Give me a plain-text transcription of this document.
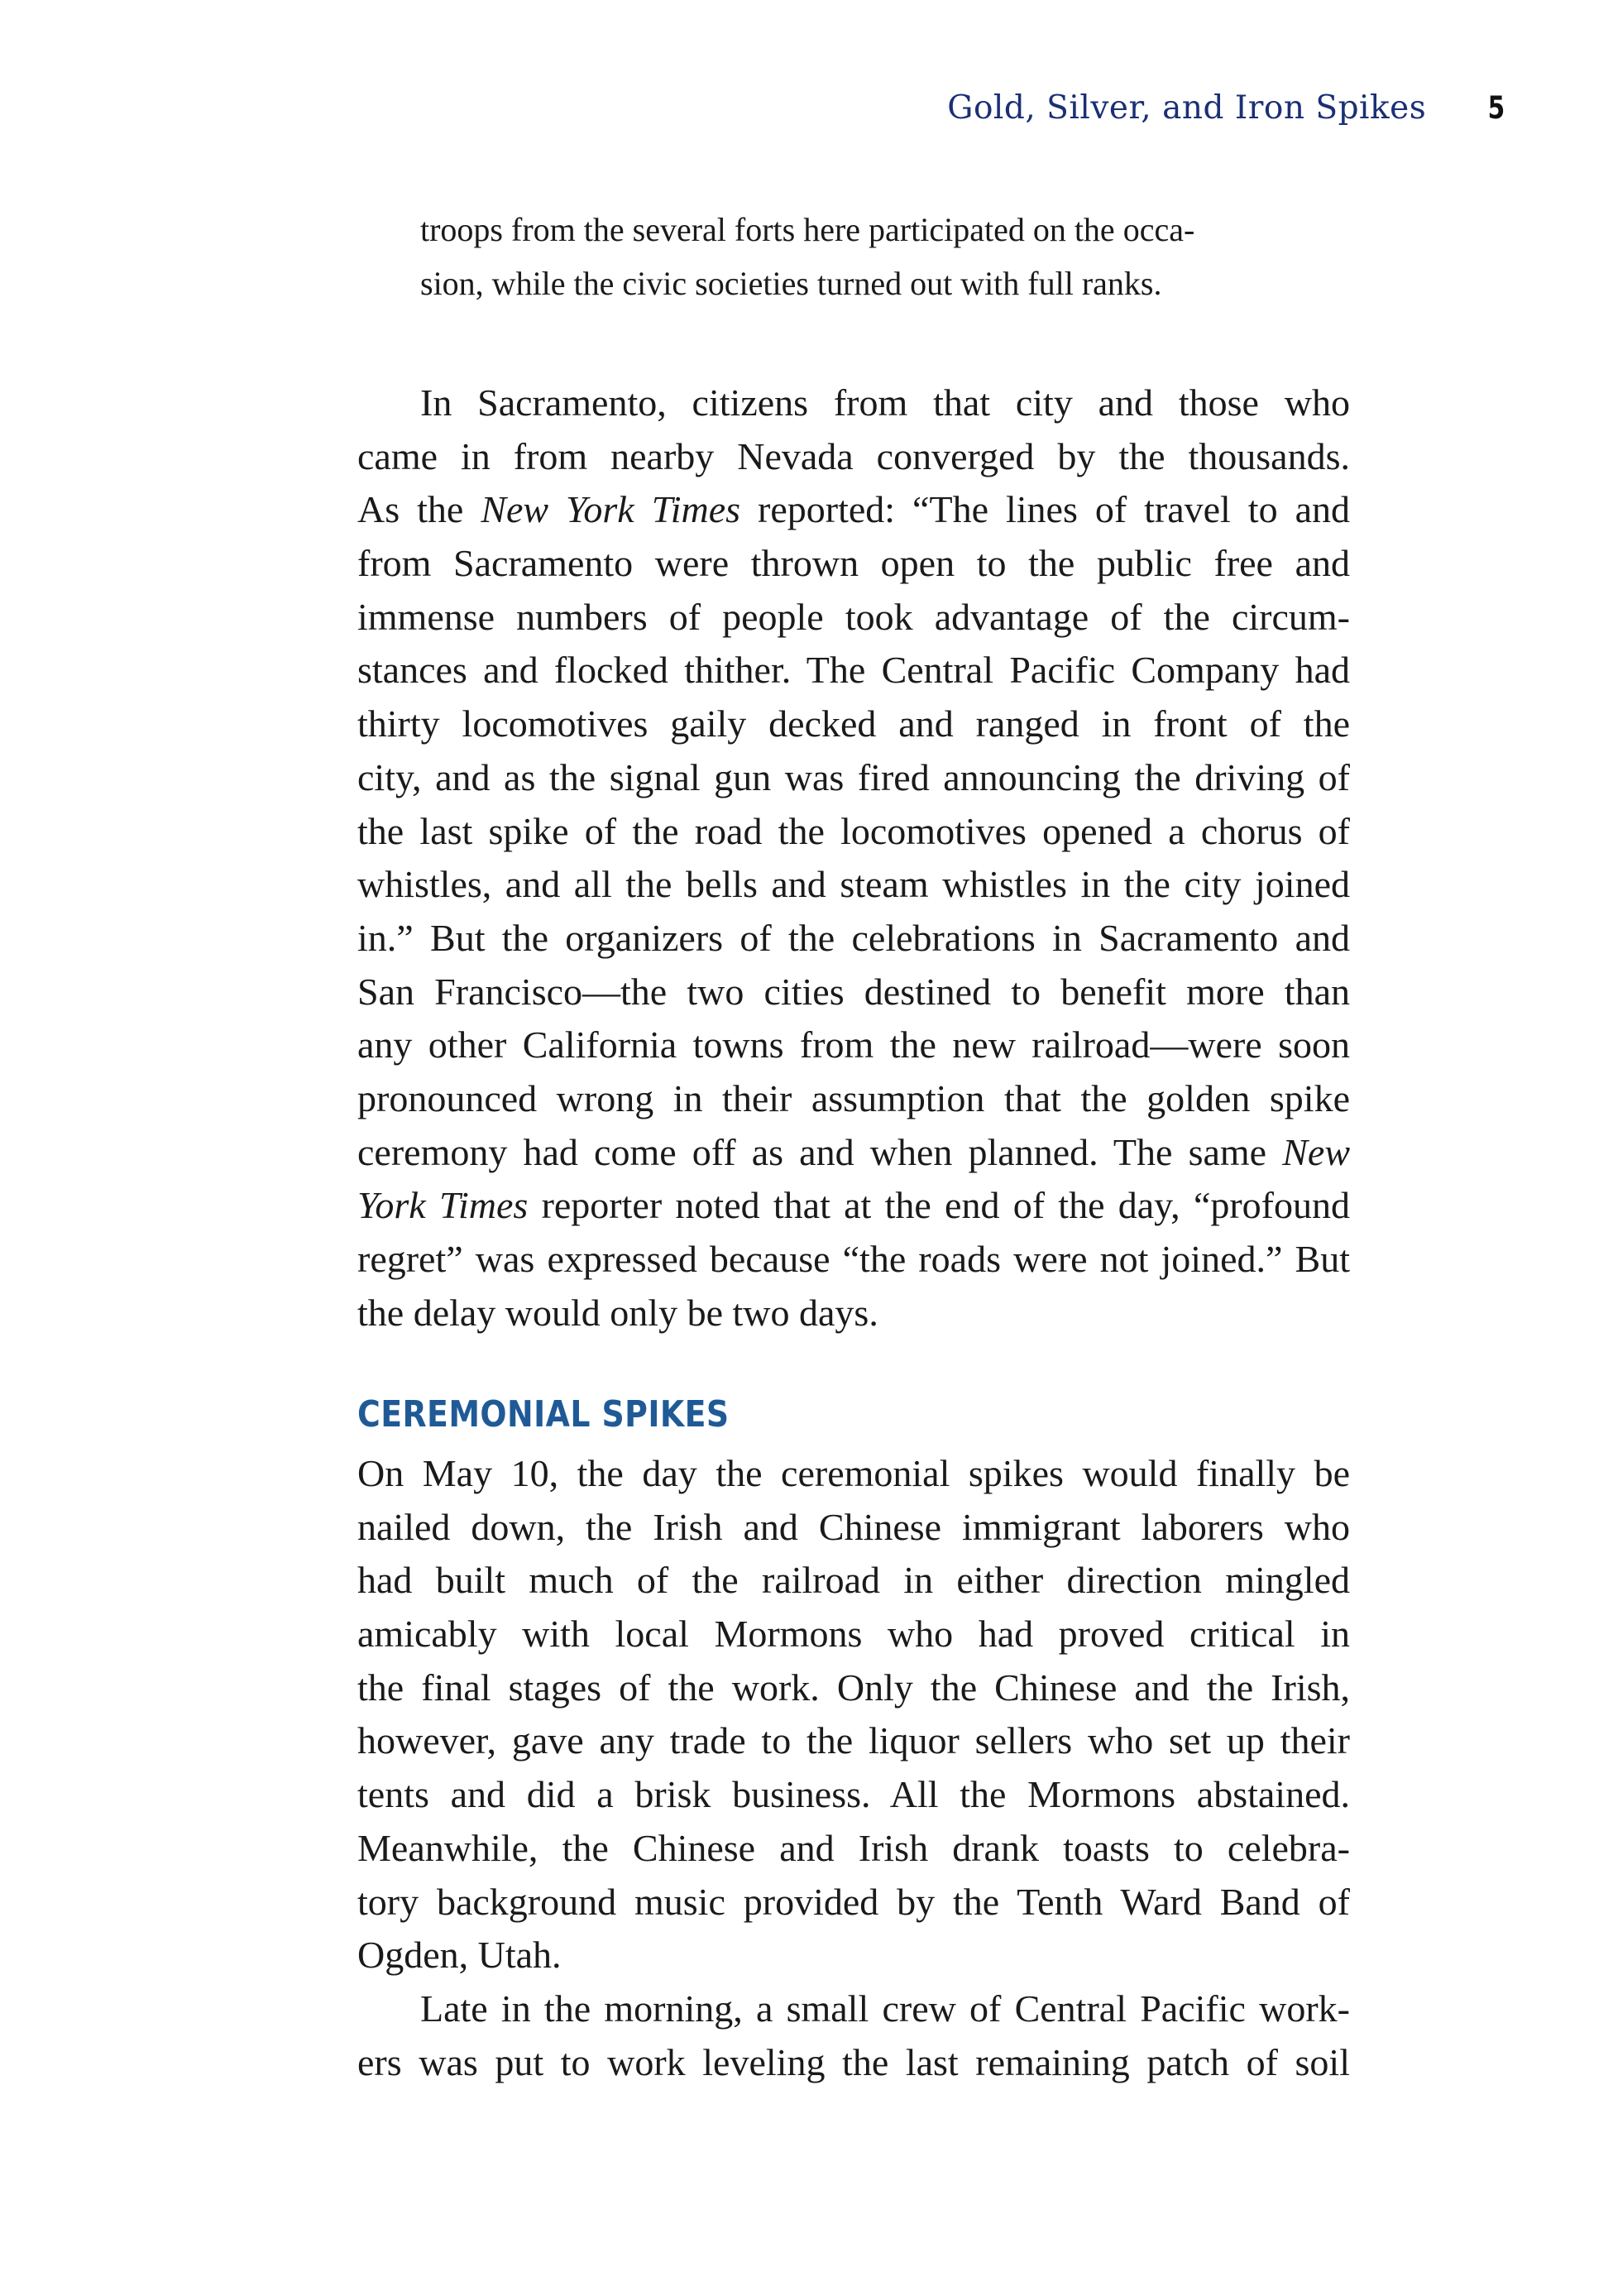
Gold, Silver, and Iron Spikes 5
troops from the several forts here participated on the occa-
sion, while the civic societies turned out with full ranks.
In Sacramento, citizens from that city and those who
came in from nearby Nevada converged by the thousands.
As the New York Times reported: “The lines of travel to and
from Sacramento were thrown open to the public free and
immense numbers of people took advantage of the circum-
stances and flocked thither. The Central Pacific Company had
thirty locomotives gaily decked and ranged in front of the
city, and as the signal gun was fired announcing the driving of
the last spike of the road the locomotives opened a chorus of
whistles, and all the bells and steam whistles in the city joined
in.” But the organizers of the celebrations in Sacramento and
San Francisco—the two cities destined to benefit more than
any other California towns from the new railroad—were soon
pronounced wrong in their assumption that the golden spike
ceremony had come off as and when planned. The same New
York Times reporter noted that at the end of the day, “profound
regret” was expressed because “the roads were not joined.” But
the delay would only be two days.
CEREMONIAL SPIKES
On May 10, the day the ceremonial spikes would finally be
nailed down, the Irish and Chinese immigrant laborers who
had built much of the railroad in either direction mingled
amicably with local Mormons who had proved critical in
the final stages of the work. Only the Chinese and the Irish,
however, gave any trade to the liquor sellers who set up their
tents and did a brisk business. All the Mormons abstained.
Meanwhile, the Chinese and Irish drank toasts to celebra-
tory background music provided by the Tenth Ward Band of
Ogden, Utah.
Late in the morning, a small crew of Central Pacific work-
ers was put to work leveling the last remaining patch of soil
